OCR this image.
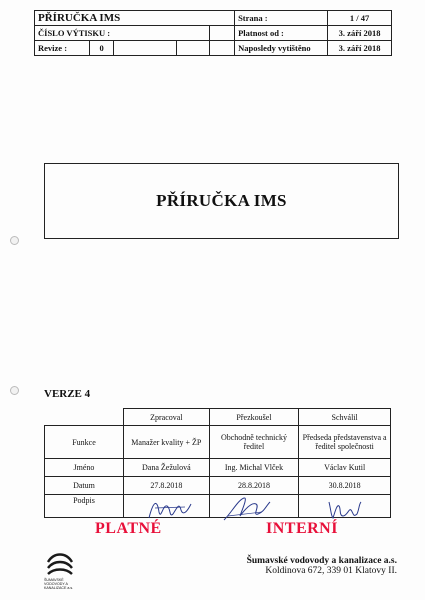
PŘÍRUČKA IMS					Strana :	1 / 47
ČÍSLO VÝTISKU :					Platnost od :	3. září 2018
Revize :	0				Naposledy vytištěno	3. září 2018
PŘÍRUČKA IMS
VERZE 4
	Zpracoval	Přezkoušel	Schválil
Funkce	Manažer kvality + ŽP	Obchodně technický ředitel	Předseda představenstva a ředitel společnosti
Jméno	Dana Žežulová	Ing. Michal Vlček	Václav Kutil
Datum	27.8.2018	28.8.2018	30.8.2018
Podpis			
PLATNÉ	INTERNÍ
ŠUMAVSKÉ VODOVODY A KANALIZACE a.s.
Šumavské vodovody a kanalizace a.s.
Koldinova 672, 339 01 Klatovy II.
